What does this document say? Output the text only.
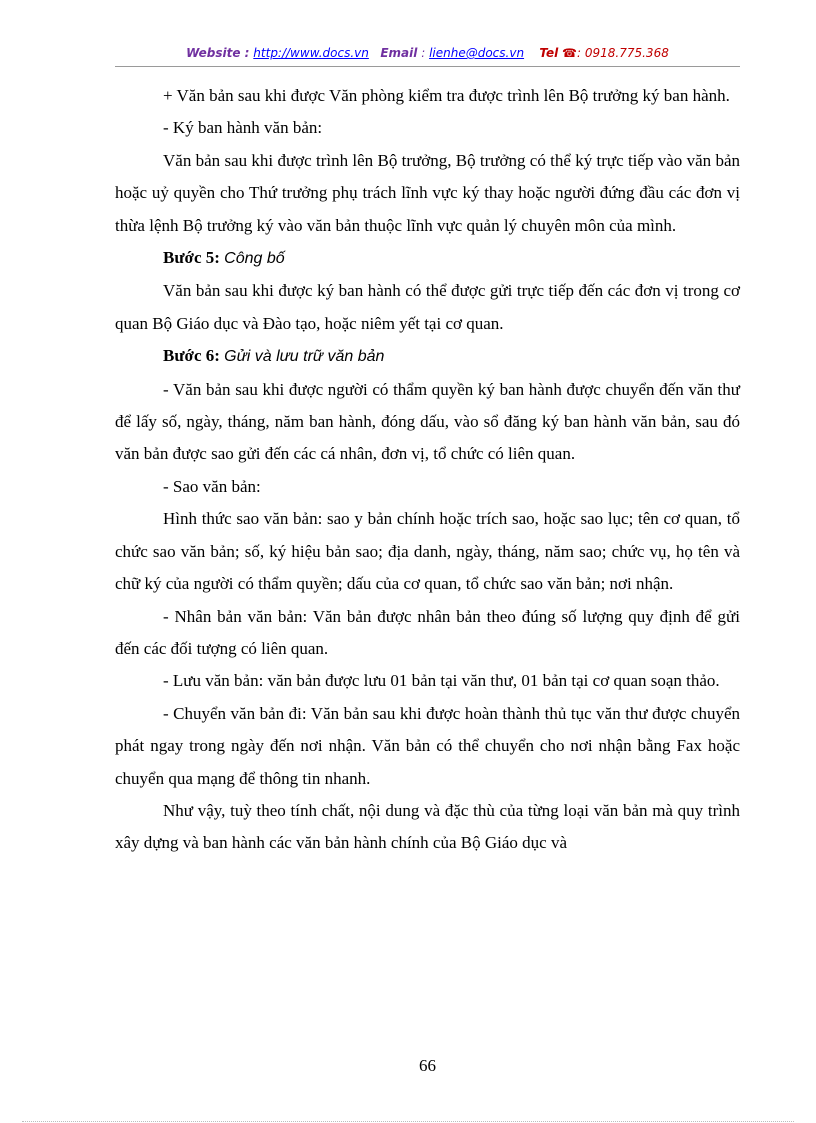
Website : http://www.docs.vn Email : lienhe@docs.vn Tel ☎: 0918.775.368

+ Văn bản sau khi được Văn phòng kiểm tra được trình lên Bộ trưởng ký ban hành.

- Ký ban hành văn bản:

Văn bản sau khi được trình lên Bộ trưởng, Bộ trưởng có thể ký trực tiếp vào văn bản hoặc uỷ quyền cho Thứ trưởng phụ trách lĩnh vực ký thay hoặc người đứng đầu các đơn vị thừa lệnh Bộ trưởng ký vào văn bản thuộc lĩnh vực quản lý chuyên môn của mình.

Bước 5: Công bố

Văn bản sau khi được ký ban hành có thể được gửi trực tiếp đến các đơn vị trong cơ quan Bộ Giáo dục và Đào tạo, hoặc niêm yết tại cơ quan.

Bước 6: Gửi và lưu trữ văn bản

- Văn bản sau khi được người có thẩm quyền ký ban hành được chuyển đến văn thư để lấy số, ngày, tháng, năm ban hành, đóng dấu, vào sổ đăng ký ban hành văn bản, sau đó văn bản được sao gửi đến các cá nhân, đơn vị, tổ chức có liên quan.

- Sao văn bản:

Hình thức sao văn bản: sao y bản chính hoặc trích sao, hoặc sao lục; tên cơ quan, tổ chức sao văn bản; số, ký hiệu bản sao; địa danh, ngày, tháng, năm sao; chức vụ, họ tên và chữ ký của người có thẩm quyền; dấu của cơ quan, tổ chức sao văn bản; nơi nhận.

- Nhân bản văn bản: Văn bản được nhân bản theo đúng số lượng quy định để gửi đến các đối tượng có liên quan.

- Lưu văn bản: văn bản được lưu 01 bản tại văn thư, 01 bản tại cơ quan soạn thảo.

- Chuyển văn bản đi: Văn bản sau khi được hoàn thành thủ tục văn thư được chuyển phát ngay trong ngày đến nơi nhận. Văn bản có thể chuyển cho nơi nhận bằng Fax hoặc chuyển qua mạng để thông tin nhanh.

Như vậy, tuỳ theo tính chất, nội dung và đặc thù của từng loại văn bản mà quy trình xây dựng và ban hành các văn bản hành chính của Bộ Giáo dục và

66
